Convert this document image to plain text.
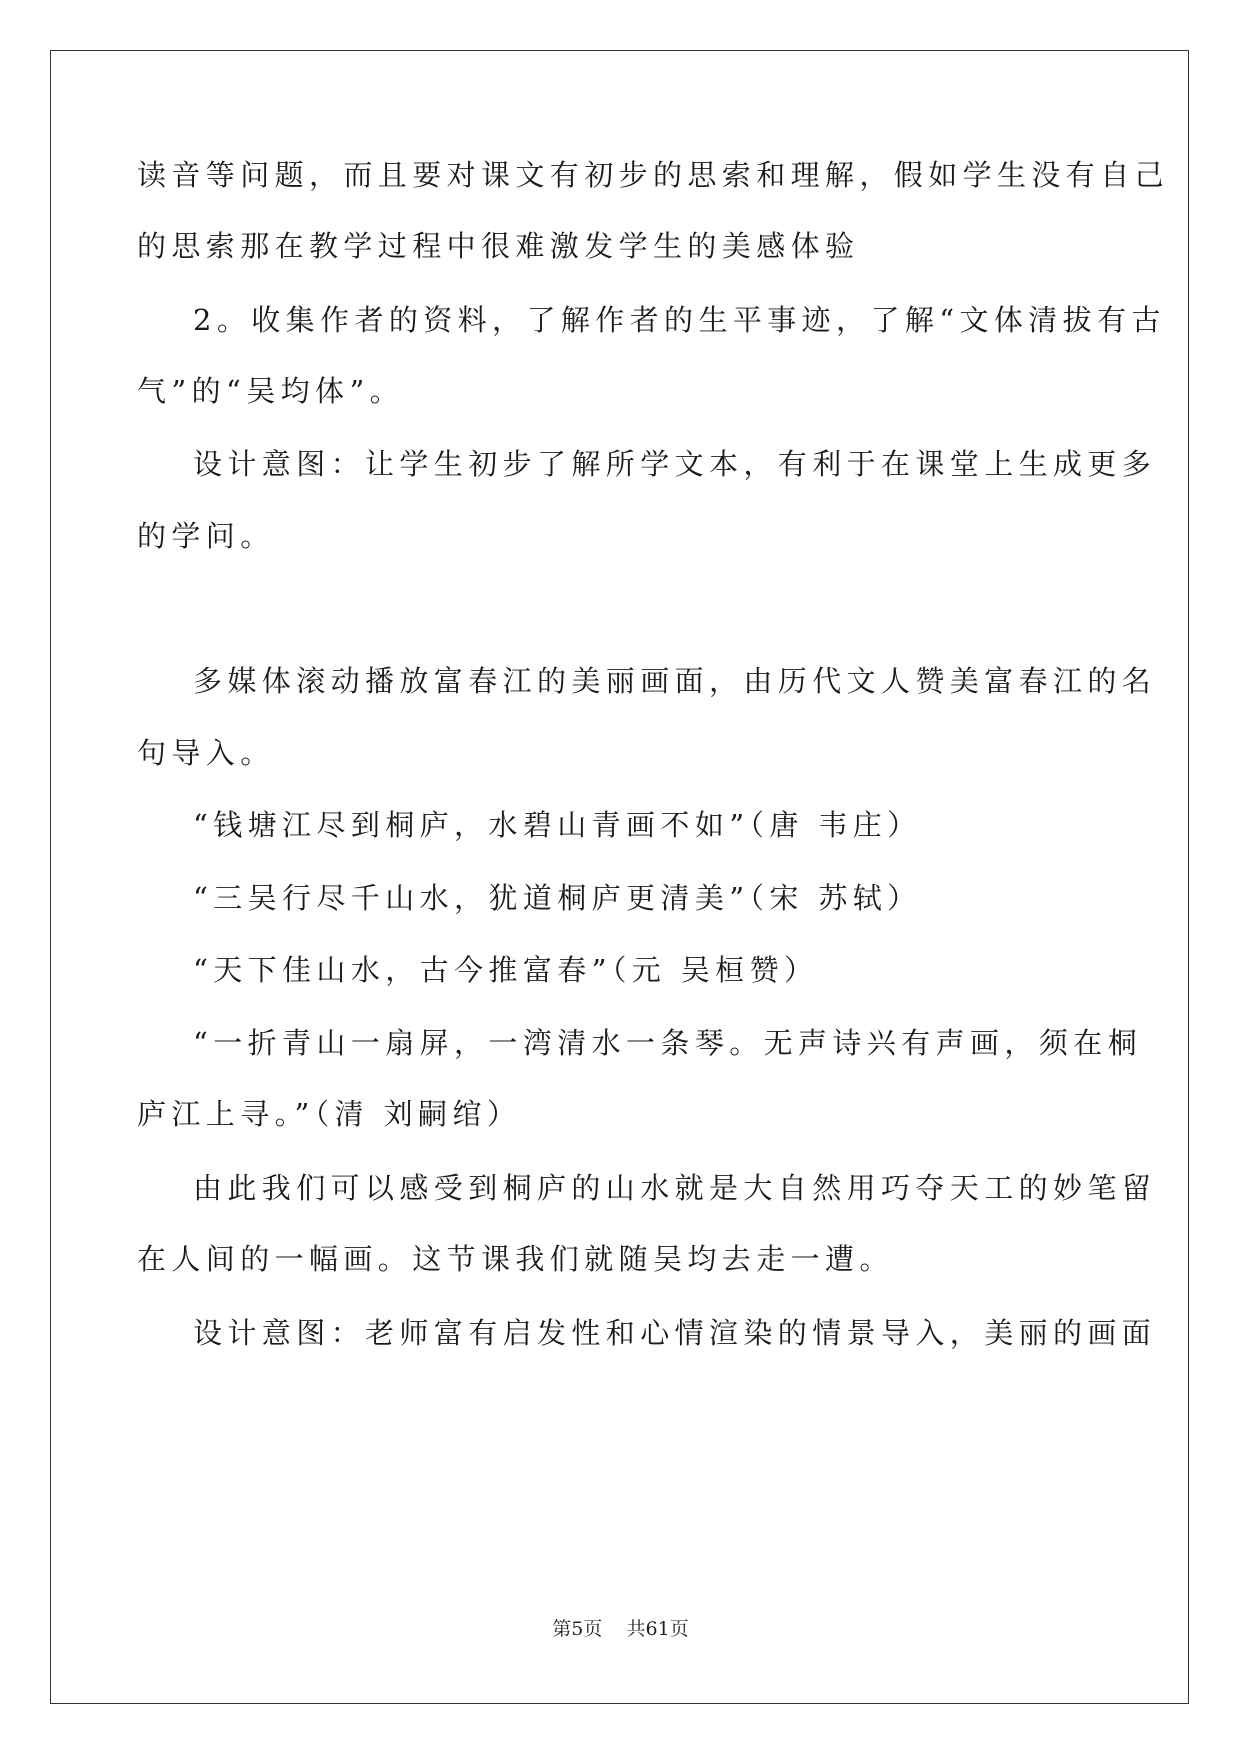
读音等问题，而且要对课文有初步的思索和理解，假如学生没有自己
的思索那在教学过程中很难激发学生的美感体验
2。收集作者的资料，了解作者的生平事迹，了解“文体清拔有古
气”的“吴均体”。
设计意图：让学生初步了解所学文本，有利于在课堂上生成更多
的学问。
多媒体滚动播放富春江的美丽画面，由历代文人赞美富春江的名
句导入。
“钱塘江尽到桐庐，水碧山青画不如”（唐 韦庄）
“三吴行尽千山水，犹道桐庐更清美”（宋 苏轼）
“天下佳山水，古今推富春”（元 吴桓赞）
“一折青山一扇屏，一湾清水一条琴。无声诗兴有声画，须在桐
庐江上寻。”（清 刘嗣绾）
由此我们可以感受到桐庐的山水就是大自然用巧夺天工的妙笔留
在人间的一幅画。这节课我们就随吴均去走一遭。
设计意图：老师富有启发性和心情渲染的情景导入，美丽的画面
第5页 共61页
